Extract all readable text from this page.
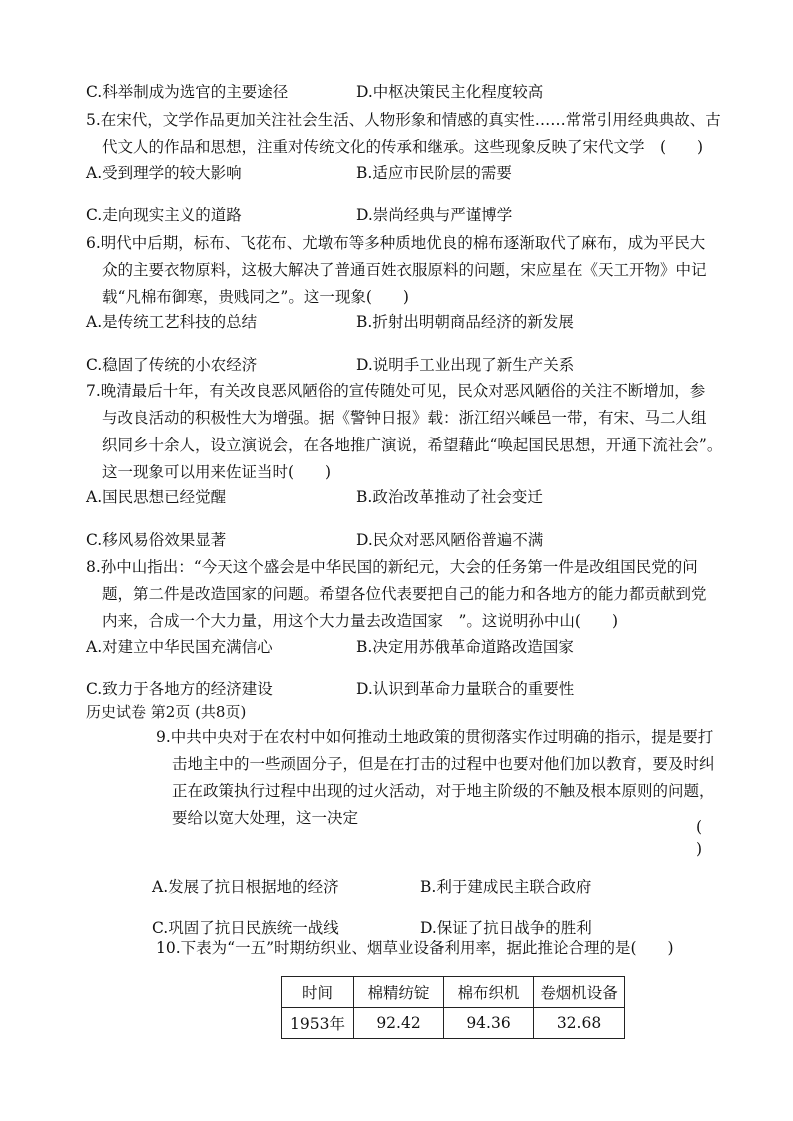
C.科举制成为选官的主要途径	D.中枢决策民主化程度较高
5.在宋代，文学作品更加关注社会生活、人物形象和情感的真实性……常常引用经典典故、古
代文人的作品和思想，注重对传统文化的传承和继承。这些现象反映了宋代文学　(　　)
A.受到理学的较大影响	B.适应市民阶层的需要
C.走向现实主义的道路	D.崇尚经典与严谨博学
6.明代中后期，标布、飞花布、尤墩布等多种质地优良的棉布逐渐取代了麻布，成为平民大
众的主要衣物原料，这极大解决了普通百姓衣服原料的问题，宋应星在《天工开物》中记
载“凡棉布御寒，贵贱同之”。这一现象(　　)
A.是传统工艺科技的总结	B.折射出明朝商品经济的新发展
C.稳固了传统的小农经济	D.说明手工业出现了新生产关系
7.晚清最后十年，有关改良恶风陋俗的宣传随处可见，民众对恶风陋俗的关注不断增加，参
与改良活动的积极性大为增强。据《警钟日报》载：浙江绍兴嵊邑一带，有宋、马二人组
织同乡十余人，设立演说会，在各地推广演说，希望藉此“唤起国民思想，开通下流社会”。
这一现象可以用来佐证当时(　　)
A.国民思想已经觉醒	B.政治改革推动了社会变迁
C.移风易俗效果显著	D.民众对恶风陋俗普遍不满
8.孙中山指出：“今天这个盛会是中华民国的新纪元，大会的任务第一件是改组国民党的问
题，第二件是改造国家的问题。希望各位代表要把自己的能力和各地方的能力都贡献到党
内来，合成一个大力量，用这个大力量去改造国家　”。这说明孙中山(　　)
A.对建立中华民国充满信心	B.决定用苏俄革命道路改造国家
C.致力于各地方的经济建设	D.认识到革命力量联合的重要性
历史试卷 第2页 (共8页)
9.中共中央对于在农村中如何推动土地政策的贯彻落实作过明确的指示，提是要打
击地主中的一些顽固分子，但是在打击的过程中也要对他们加以教育，要及时纠
正在政策执行过程中出现的过火活动，对于地主阶级的不触及根本原则的问题，
要给以宽大处理，这一决定	(
)
A.发展了抗日根据地的经济	B.利于建成民主联合政府
C.巩固了抗日民族统一战线	D.保证了抗日战争的胜利
10.下表为“一五”时期纺织业、烟草业设备利用率，据此推论合理的是(　　)
时间	棉精纺锭	棉布织机	卷烟机设备
1953年	92.42	94.36	32.68
